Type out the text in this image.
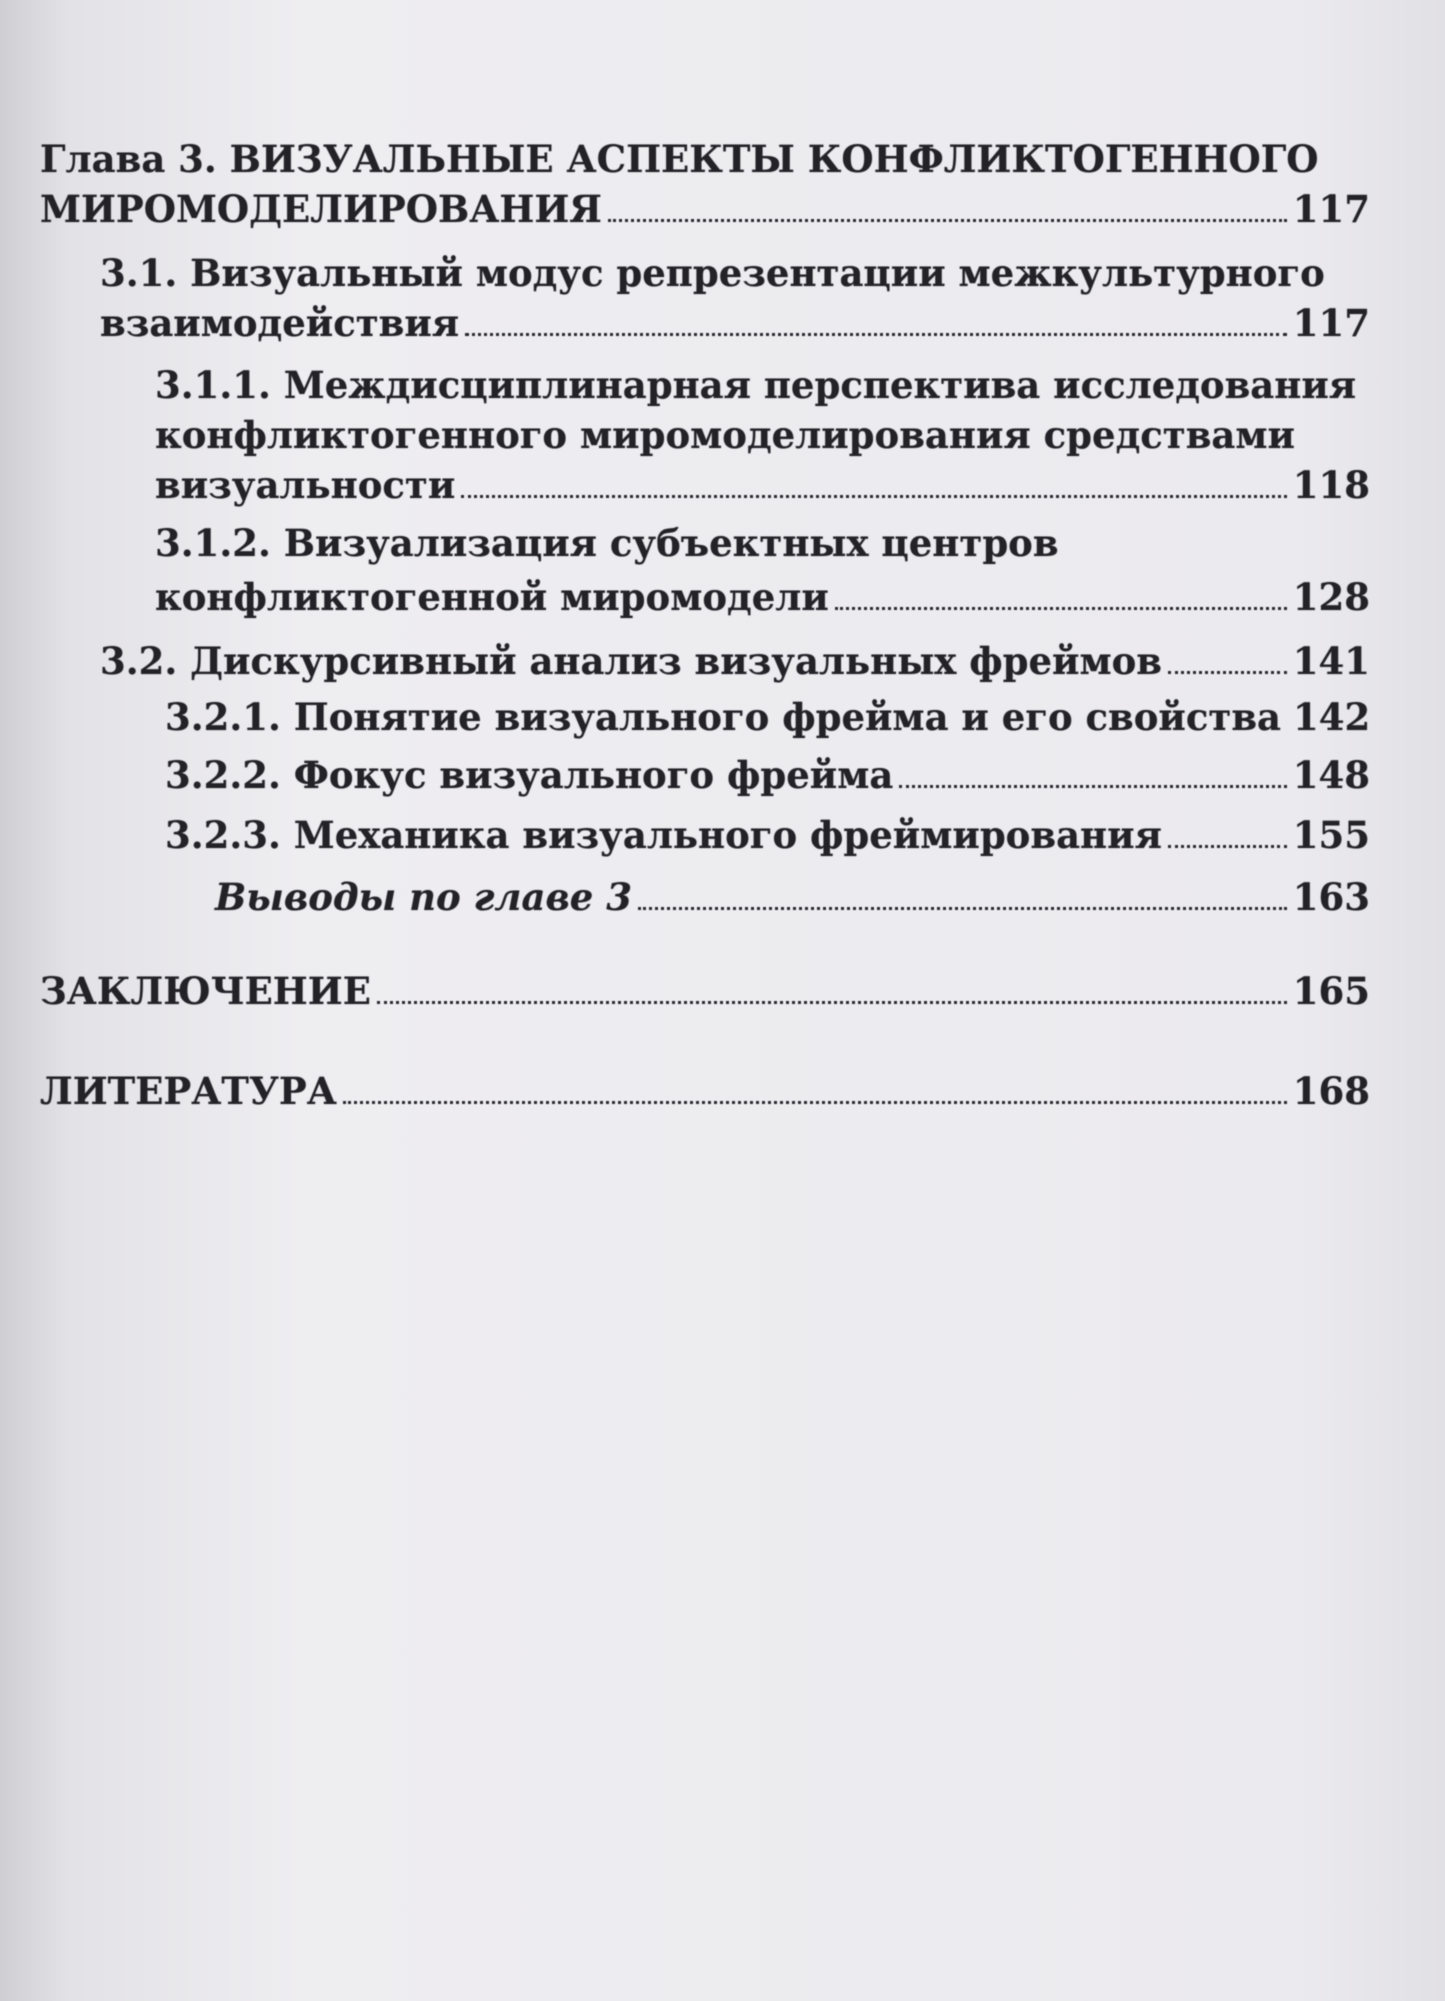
Глава 3. ВИЗУАЛЬНЫЕ АСПЕКТЫ КОНФЛИКТОГЕННОГО
МИРОМОДЕЛИРОВАНИЯ	117
3.1. Визуальный модус репрезентации межкультурного
взаимодействия	117
3.1.1. Междисциплинарная перспектива исследования
конфликтогенного миромоделирования средствами
визуальности	118
3.1.2. Визуализация субъектных центров
конфликтогенной миромодели	128
3.2. Дискурсивный анализ визуальных фреймов	141
3.2.1. Понятие визуального фрейма и его свойства 142
3.2.2. Фокус визуального фрейма	148
3.2.3. Механика визуального фреймирования	155
Выводы по главе 3	163
ЗАКЛЮЧЕНИЕ	165
ЛИТЕРАТУРА	168
